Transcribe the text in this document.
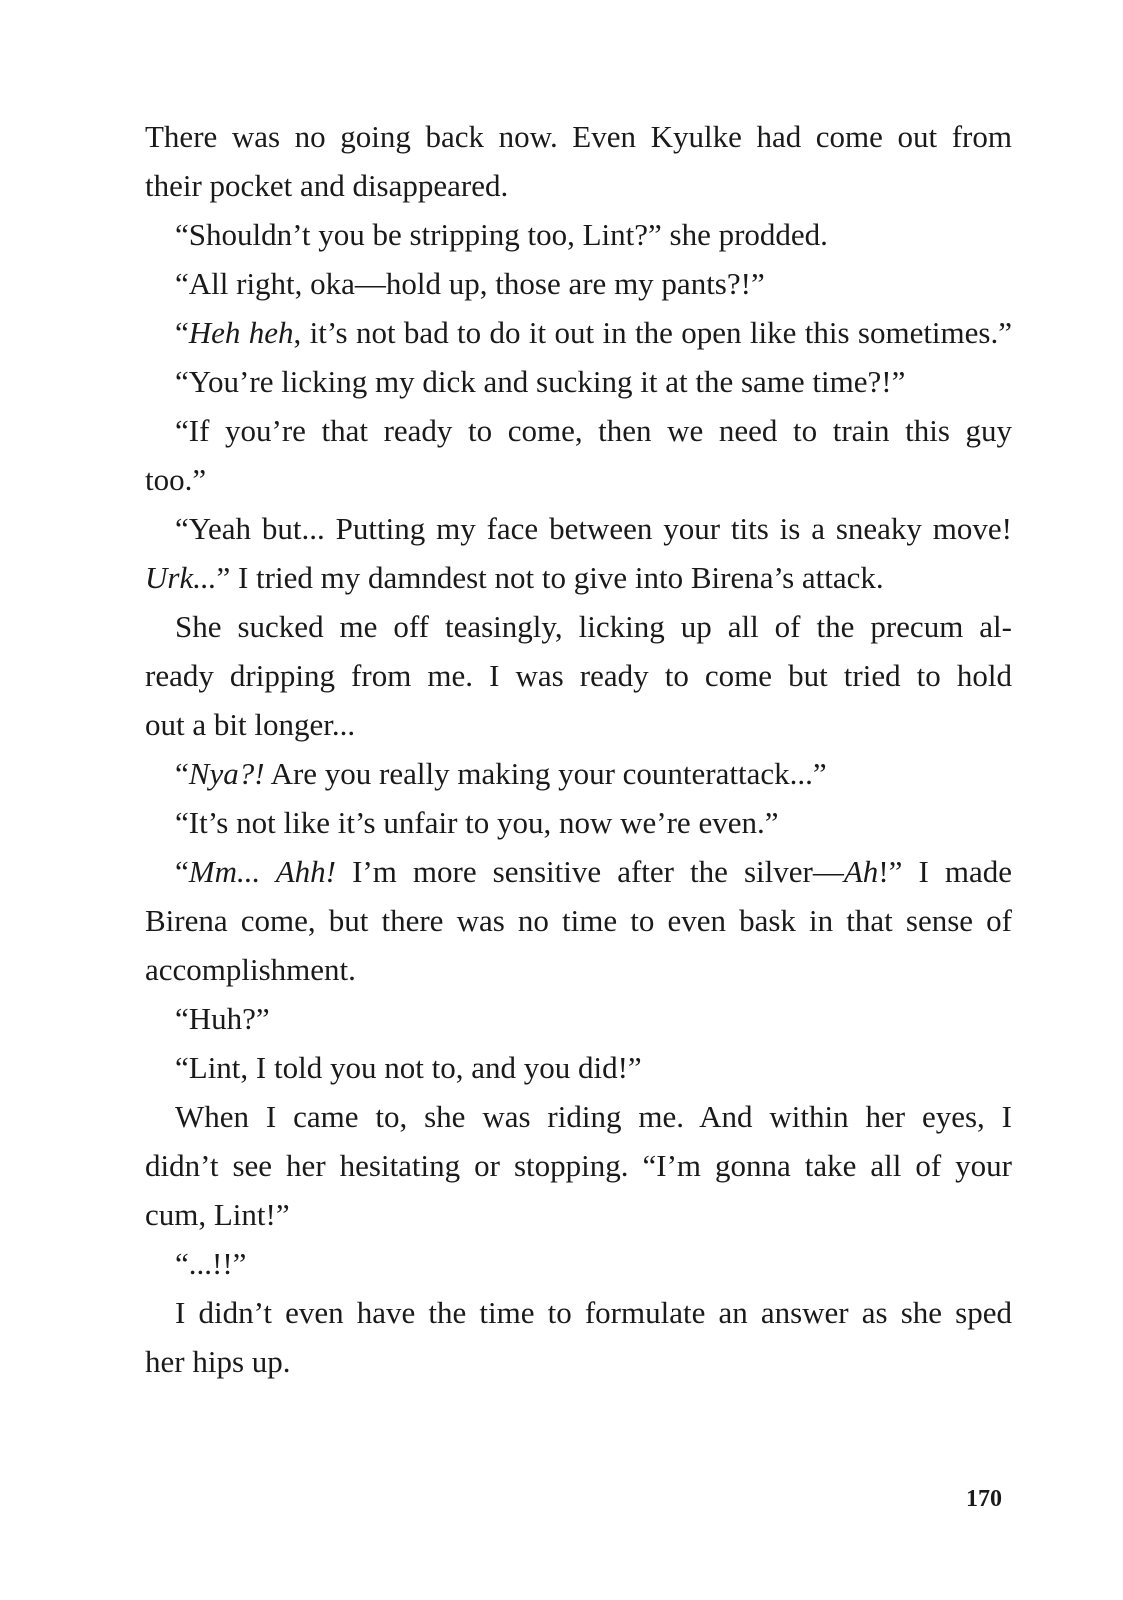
There was no going back now. Even Kyulke had come out from
their pocket and disappeared.
“Shouldn’t you be stripping too, Lint?” she prodded.
“All right, oka—hold up, those are my pants?!”
“Heh heh, it’s not bad to do it out in the open like this sometimes.”
“You’re licking my dick and sucking it at the same time?!”
“If you’re that ready to come, then we need to train this guy
too.”
“Yeah but... Putting my face between your tits is a sneaky move!
Urk...” I tried my damndest not to give into Birena’s attack.
She sucked me off teasingly, licking up all of the precum al-
ready dripping from me. I was ready to come but tried to hold
out a bit longer...
“Nya?! Are you really making your counterattack...”
“It’s not like it’s unfair to you, now we’re even.”
“Mm... Ahh! I’m more sensitive after the silver—Ah!” I made
Birena come, but there was no time to even bask in that sense of
accomplishment.
“Huh?”
“Lint, I told you not to, and you did!”
When I came to, she was riding me. And within her eyes, I
didn’t see her hesitating or stopping. “I’m gonna take all of your
cum, Lint!”
“...!!”
I didn’t even have the time to formulate an answer as she sped
her hips up.
170
